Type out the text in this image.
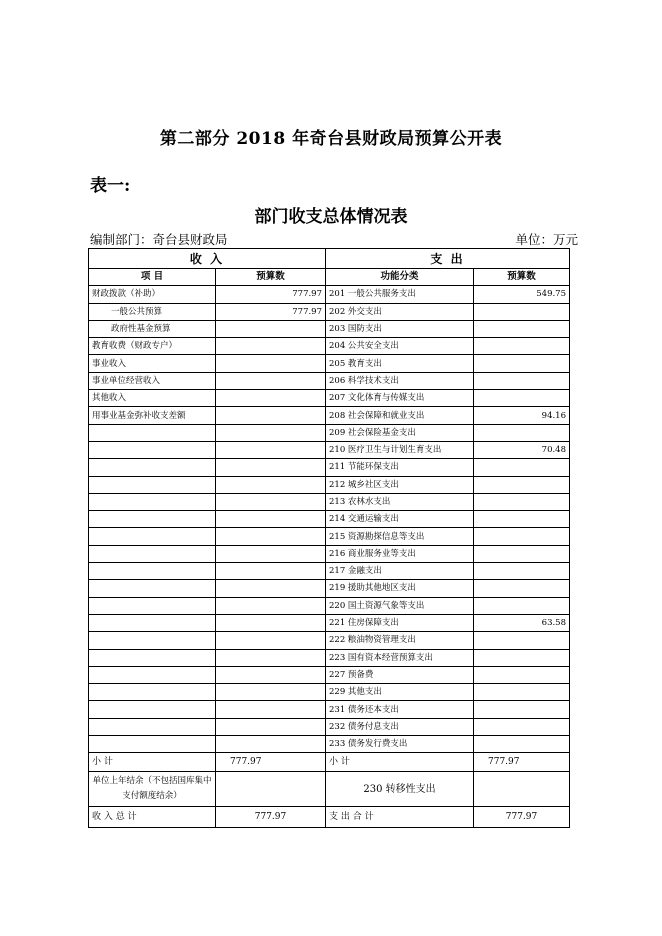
第二部分 2018 年奇台县财政局预算公开表
表一:
部门收支总体情况表
编制部门：奇台县财政局	单位：万元
收 入		支 出	
项 目	预算数	功能分类	预算数
财政拨款（补助）	777.97	201 一般公共服务支出	549.75
一般公共预算	777.97	202 外交支出	
政府性基金预算		203 国防支出	
教育收费（财政专户）		204 公共安全支出	
事业收入		205 教育支出	
事业单位经营收入		206 科学技术支出	
其他收入		207 文化体育与传媒支出	
用事业基金弥补收支差额		208 社会保障和就业支出	94.16
		209 社会保险基金支出	
		210 医疗卫生与计划生育支出	70.48
		211 节能环保支出	
		212 城乡社区支出	
		213 农林水支出	
		214 交通运输支出	
		215 资源勘探信息等支出	
		216 商业服务业等支出	
		217 金融支出	
		219 援助其他地区支出	
		220 国土资源气象等支出	
		221 住房保障支出	63.58
		222 粮油物资管理支出	
		223 国有资本经营预算支出	
		227 预备费	
		229 其他支出	
		231 债务还本支出	
		232 债务付息支出	
		233 债务发行费支出	
小 计	777.97	小 计	777.97
单位上年结余（不包括国库集中支付额度结余）		230 转移性支出	
收 入 总 计	777.97	支 出 合 计	777.97
